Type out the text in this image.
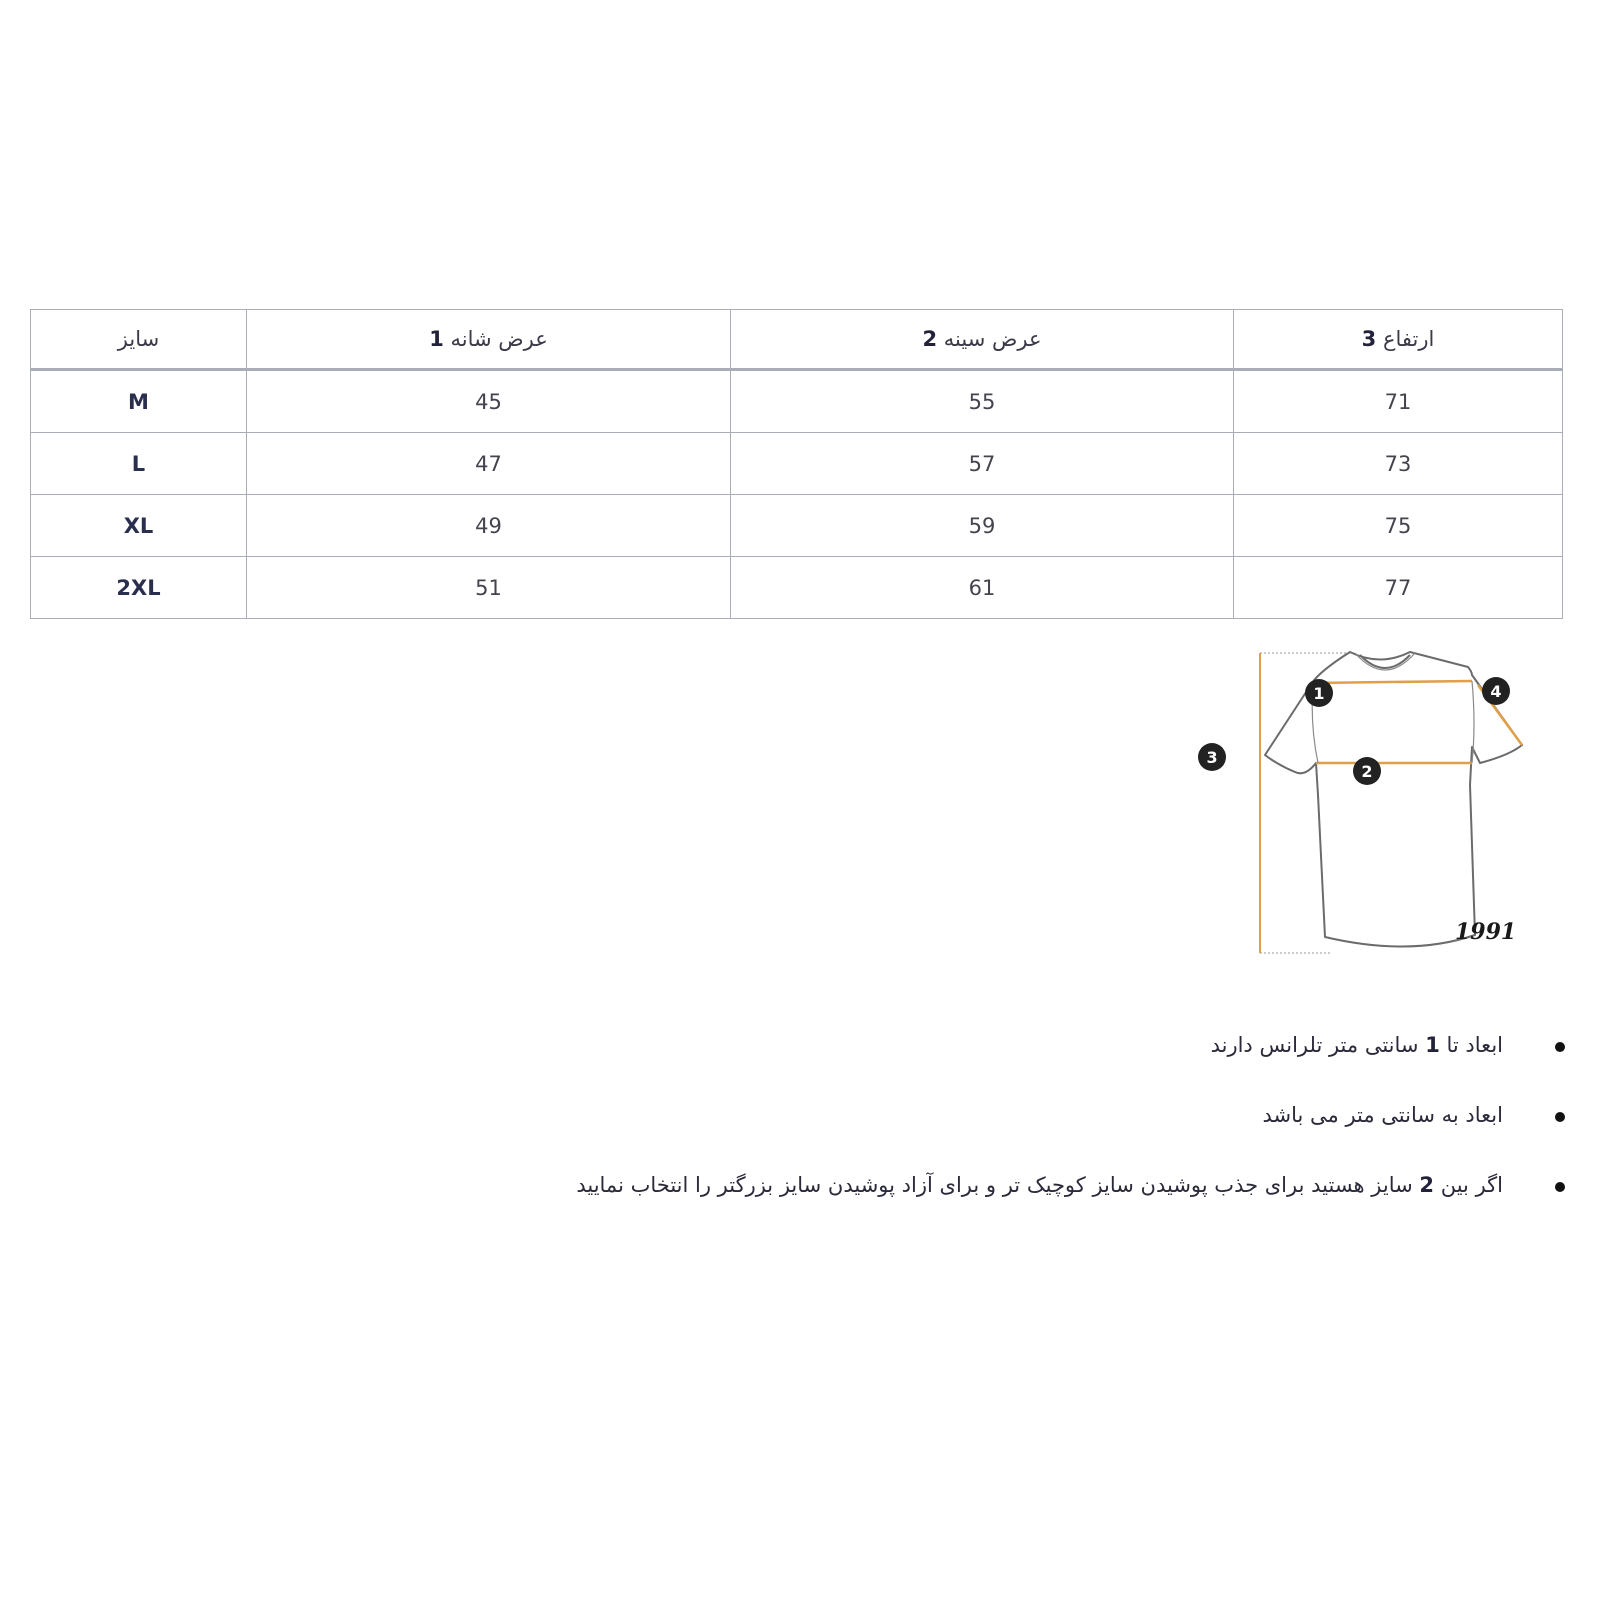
سایز	عرض شانه 1	عرض سینه 2	ارتفاع 3
M	45	55	71
L	47	57	73
XL	49	59	75
2XL	51	61	77
1
2
3
4
1991
ابعاد تا 1 سانتی متر تلرانس دارند
ابعاد به سانتی متر می باشد
اگر بین 2 سایز هستید برای جذب پوشیدن سایز کوچیک تر و برای آزاد پوشیدن سایز بزرگتر را انتخاب نمایید
